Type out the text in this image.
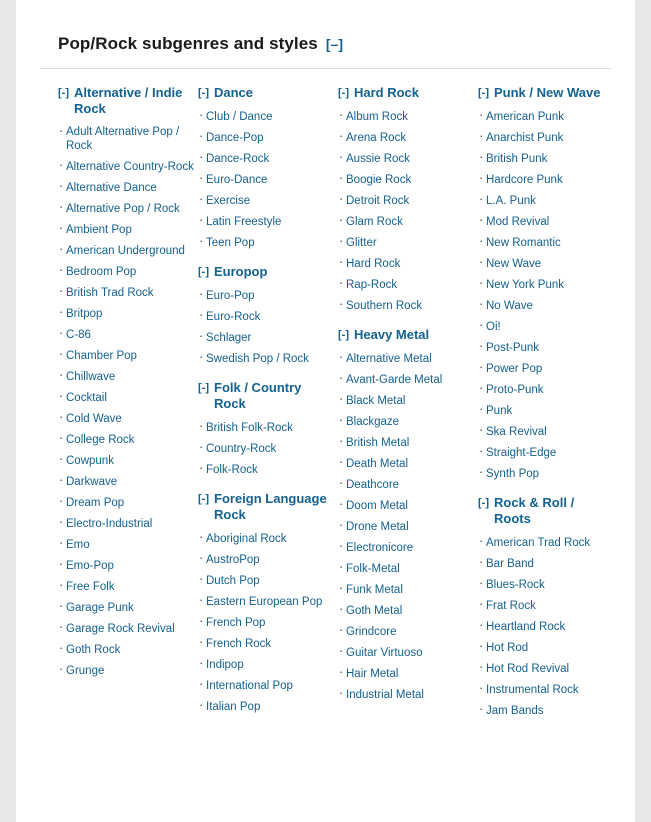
Pop/Rock subgenres and styles [–]
[-] Alternative / Indie Rock
· Adult Alternative Pop / Rock
· Alternative Country-Rock
· Alternative Dance
· Alternative Pop / Rock
· Ambient Pop
· American Underground
· Bedroom Pop
· British Trad Rock
· Britpop
· C-86
· Chamber Pop
· Chillwave
· Cocktail
· Cold Wave
· College Rock
· Cowpunk
· Darkwave
· Dream Pop
· Electro-Industrial
· Emo
· Emo-Pop
· Free Folk
· Garage Punk
· Garage Rock Revival
· Goth Rock
· Grunge
[-] Dance
· Club / Dance
· Dance-Pop
· Dance-Rock
· Euro-Dance
· Exercise
· Latin Freestyle
· Teen Pop
[-] Europop
· Euro-Pop
· Euro-Rock
· Schlager
· Swedish Pop / Rock
[-] Folk / Country Rock
· British Folk-Rock
· Country-Rock
· Folk-Rock
[-] Foreign Language Rock
· Aboriginal Rock
· AustroPop
· Dutch Pop
· Eastern European Pop
· French Pop
· French Rock
· Indipop
· International Pop
· Italian Pop
[-] Hard Rock
· Album Rock
· Arena Rock
· Aussie Rock
· Boogie Rock
· Detroit Rock
· Glam Rock
· Glitter
· Hard Rock
· Rap-Rock
· Southern Rock
[-] Heavy Metal
· Alternative Metal
· Avant-Garde Metal
· Black Metal
· Blackgaze
· British Metal
· Death Metal
· Deathcore
· Doom Metal
· Drone Metal
· Electronicore
· Folk-Metal
· Funk Metal
· Goth Metal
· Grindcore
· Guitar Virtuoso
· Hair Metal
· Industrial Metal
[-] Punk / New Wave
· American Punk
· Anarchist Punk
· British Punk
· Hardcore Punk
· L.A. Punk
· Mod Revival
· New Romantic
· New Wave
· New York Punk
· No Wave
· Oi!
· Post-Punk
· Power Pop
· Proto-Punk
· Punk
· Ska Revival
· Straight-Edge
· Synth Pop
[-] Rock & Roll / Roots
· American Trad Rock
· Bar Band
· Blues-Rock
· Frat Rock
· Heartland Rock
· Hot Rod
· Hot Rod Revival
· Instrumental Rock
· Jam Bands
